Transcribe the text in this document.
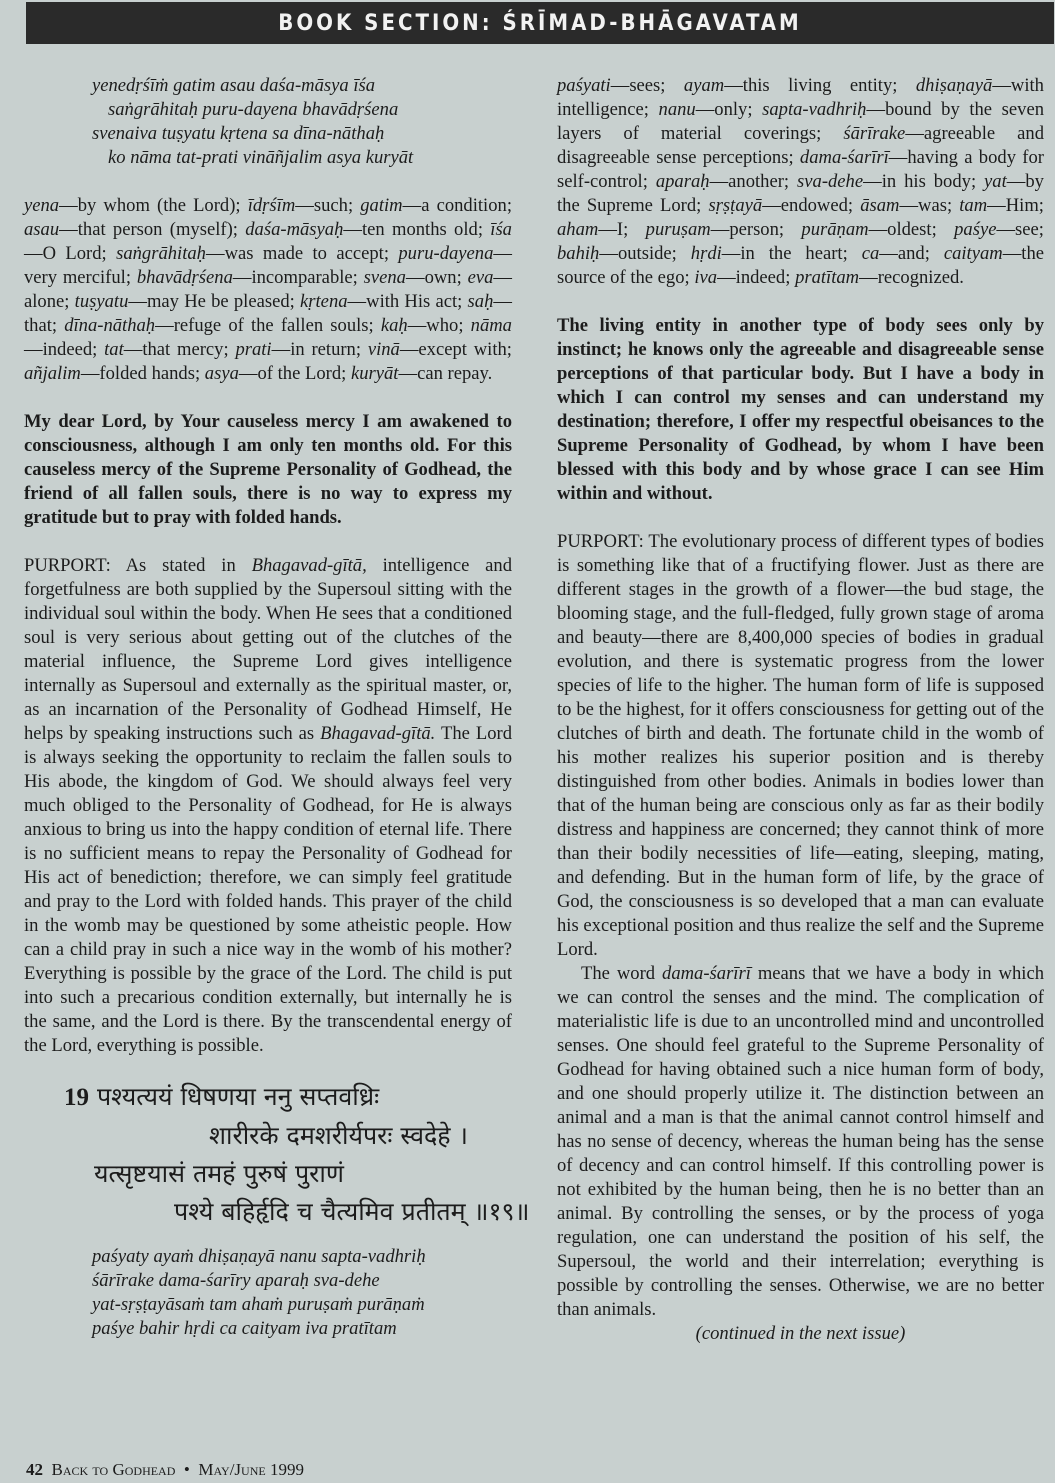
BOOK SECTION: ŚRĪMAD-BHĀGAVATAM
yenedṛśīṁ gatim asau daśa-māsya īśa
saṅgrāhitaḥ puru-dayena bhavādṛśena
svenaiva tuṣyatu kṛtena sa dīna-nāthaḥ
ko nāma tat-prati vināñjalim asya kuryāt

yena—by whom (the Lord); īdṛśīm—such; gatim—a condition; asau—that person (myself); daśa-māsyaḥ—ten months old; īśa—O Lord; saṅgrāhitaḥ—was made to accept; puru-dayena—very merciful; bhavādṛśena—incomparable; svena—own; eva—alone; tuṣyatu—may He be pleased; kṛtena—with His act; saḥ—that; dīna-nāthaḥ—refuge of the fallen souls; kaḥ—who; nāma—indeed; tat—that mercy; prati—in return; vinā—except with; añjalim—folded hands; asya—of the Lord; kuryāt—can repay.

My dear Lord, by Your causeless mercy I am awakened to consciousness, although I am only ten months old. For this causeless mercy of the Supreme Personality of Godhead, the friend of all fallen souls, there is no way to express my gratitude but to pray with folded hands.

PURPORT: As stated in Bhagavad-gītā, intelligence and forgetfulness are both supplied by the Supersoul sitting with the individual soul within the body. When He sees that a conditioned soul is very serious about getting out of the clutches of the material influence, the Supreme Lord gives intelligence internally as Supersoul and externally as the spiritual master, or, as an incarnation of the Personality of Godhead Himself, He helps by speaking instructions such as Bhagavad-gītā. The Lord is always seeking the opportunity to reclaim the fallen souls to His abode, the kingdom of God. We should always feel very much obliged to the Personality of Godhead, for He is always anxious to bring us into the happy condition of eternal life. There is no sufficient means to repay the Personality of Godhead for His act of benediction; therefore, we can simply feel gratitude and pray to the Lord with folded hands. This prayer of the child in the womb may be questioned by some atheistic people. How can a child pray in such a nice way in the womb of his mother? Everything is possible by the grace of the Lord. The child is put into such a precarious condition externally, but internally he is the same, and the Lord is there. By the transcendental energy of the Lord, everything is possible.

19 पश्यत्ययं धिषणया ननु सप्तवध्रिः
शारीरके दमशरीर्यपरः स्वदेहे ।
यत्सृष्टयासं तमहं पुरुषं पुराणं
पश्ये बहिर्हृदि च चैत्यमिव प्रतीतम् ॥१९॥
paśyaty ayaṁ dhiṣaṇayā nanu sapta-vadhriḥ
śārīrake dama-śarīry aparaḥ sva-dehe
yat-sṛṣṭayāsaṁ tam ahaṁ puruṣaṁ purāṇaṁ
paśye bahir hṛdi ca caityam iva pratītam

paśyati—sees; ayam—this living entity; dhiṣaṇayā—with intelligence; nanu—only; sapta-vadhriḥ—bound by the seven layers of material coverings; śārīrake—agreeable and disagreeable sense perceptions; dama-śarīrī—having a body for self-control; aparaḥ—another; sva-dehe—in his body; yat—by the Supreme Lord; sṛṣṭayā—endowed; āsam—was; tam—Him; aham—I; puruṣam—person; purāṇam—oldest; paśye—see; bahiḥ—outside; hṛdi—in the heart; ca—and; caityam—the source of the ego; iva—indeed; pratītam—recognized.

The living entity in another type of body sees only by instinct; he knows only the agreeable and disagreeable sense perceptions of that particular body. But I have a body in which I can control my senses and can understand my destination; therefore, I offer my respectful obeisances to the Supreme Personality of Godhead, by whom I have been blessed with this body and by whose grace I can see Him within and without.

PURPORT: The evolutionary process of different types of bodies is something like that of a fructifying flower. Just as there are different stages in the growth of a flower—the bud stage, the blooming stage, and the full-fledged, fully grown stage of aroma and beauty—there are 8,400,000 species of bodies in gradual evolution, and there is systematic progress from the lower species of life to the higher. The human form of life is supposed to be the highest, for it offers consciousness for getting out of the clutches of birth and death. The fortunate child in the womb of his mother realizes his superior position and is thereby distinguished from other bodies. Animals in bodies lower than that of the human being are conscious only as far as their bodily distress and happiness are concerned; they cannot think of more than their bodily necessities of life—eating, sleeping, mating, and defending. But in the human form of life, by the grace of God, the consciousness is so developed that a man can evaluate his exceptional position and thus realize the self and the Supreme Lord.

The word dama-śarīrī means that we have a body in which we can control the senses and the mind. The complication of materialistic life is due to an uncontrolled mind and uncontrolled senses. One should feel grateful to the Supreme Personality of Godhead for having obtained such a nice human form of body, and one should properly utilize it. The distinction between an animal and a man is that the animal cannot control himself and has no sense of decency, whereas the human being has the sense of decency and can control himself. If this controlling power is not exhibited by the human being, then he is no better than an animal. By controlling the senses, or by the process of yoga regulation, one can understand the position of his self, the Supersoul, the world and their interrelation; everything is possible by controlling the senses. Otherwise, we are no better than animals.

(continued in the next issue)

42 Back to Godhead • May/June 1999
